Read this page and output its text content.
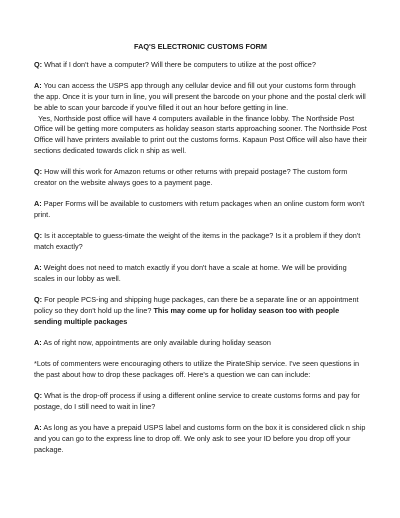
FAQ'S ELECTRONIC CUSTOMS FORM
Q: What if I don't have a computer? Will there be computers to utilize at the post office?
A: You can access the USPS app through any cellular device and fill out your customs form through the app. Once it is your turn in line, you will present the barcode on your phone and the postal clerk will be able to scan your barcode if you've filled it out an hour before getting in line.
Yes, Northside post office will have 4 computers available in the finance lobby. The Northside Post Office will be getting more computers as holiday season starts approaching sooner. The Northside Post Office will have printers available to print out the customs forms. Kapaun Post Office will also have their sections dedicated towards click n ship as well.
Q: How will this work for Amazon returns or other returns with prepaid postage? The custom form creator on the website always goes to a payment page.
A: Paper Forms will be available to customers with return packages when an online custom form won't print.
Q: Is it acceptable to guess-timate the weight of the items in the package? Is it a problem if they don't match exactly?
A: Weight does not need to match exactly if you don't have a scale at home. We will be providing scales in our lobby as well.
Q: For people PCS-ing and shipping huge packages, can there be a separate line or an appointment policy so they don't hold up the line? This may come up for holiday season too with people sending multiple packages
A: As of right now, appointments are only available during holiday season
*Lots of commenters were encouraging others to utilize the PirateShip service. I've seen questions in the past about how to drop these packages off. Here's a question we can can include:
Q: What is the drop-off process if using a different online service to create customs forms and pay for postage, do I still need to wait in line?
A: As long as you have a prepaid USPS label and customs form on the box it is considered click n ship and you can go to the express line to drop off. We only ask to see your ID before you drop off your package.
